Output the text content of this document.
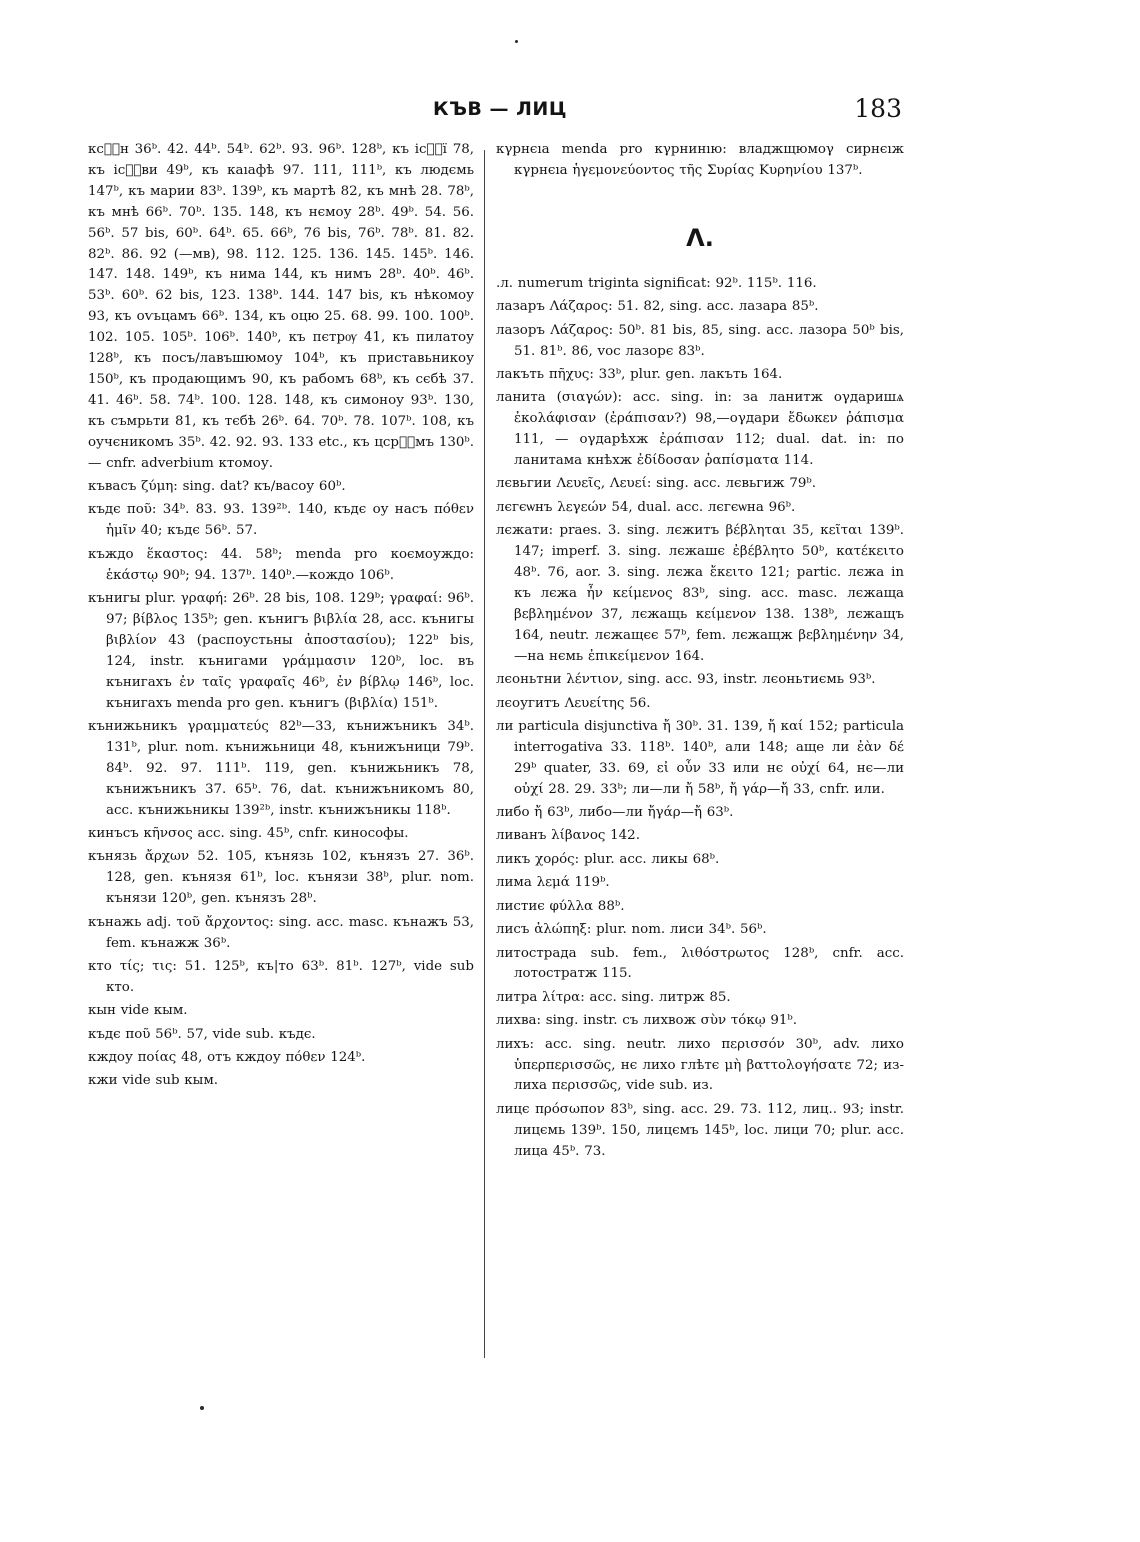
КЪВ — ЛИЦ	183

ксⷭ҇н 36ᵇ. 42. 44ᵇ. 54ᵇ. 62ᵇ. 93. 96ᵇ. 128ᵇ, къ ісⷭ҇ї 78, къ ісⷭ҇ви 49ᵇ, къ каıафѣ 97. 111, 111ᵇ, къ людємь 147ᵇ, къ марии 83ᵇ. 139ᵇ, къ мартѣ 82, къ мнѣ 28. 78ᵇ, къ мнѣ 66ᵇ. 70ᵇ. 135. 148, къ нємоу 28ᵇ. 49ᵇ. 54. 56. 56ᵇ. 57 bis, 60ᵇ. 64ᵇ. 65. 66ᵇ, 76 bis, 76ᵇ. 78ᵇ. 81. 82. 82ᵇ. 86. 92 (—мв), 98. 112. 125. 136. 145. 145ᵇ. 146. 147. 148. 149ᵇ, къ нима 144, къ нимъ 28ᵇ. 40ᵇ. 46ᵇ. 53ᵇ. 60ᵇ. 62 bis, 123. 138ᵇ. 144. 147 bis, къ нѣкомоу 93, къ оѵьцамъ 66ᵇ. 134, къ оцю 25. 68. 99. 100. 100ᵇ. 102. 105. 105ᵇ. 106ᵇ. 140ᵇ, къ пєтрѹ 41, къ пилатоу 128ᵇ, къ посъ/лавъшюмоу 104ᵇ, къ приставьникоу 150ᵇ, къ продающимъ 90, къ рабомъ 68ᵇ, къ сєбѣ 37. 41. 46ᵇ. 58. 74ᵇ. 100. 128. 148, къ симоноу 93ᵇ. 130, къ съмрьти 81, къ тєбѣ 26ᵇ. 64. 70ᵇ. 78. 107ᵇ. 108, къ оучєникомъ 35ᵇ. 42. 92. 93. 133 etc., къ цсрⷭ҇мъ 130ᵇ. — cnfr. adverbium ктомоу.

къвасъ ζύμη: sing. dat? къ/васоу 60ᵇ.

къдє ποῦ: 34ᵇ. 83. 93. 139²ᵇ. 140, къдє оу насъ πόθεν ἡμῖν 40; къдє 56ᵇ. 57.

къждо ἕκαστος: 44. 58ᵇ; menda pro коємоуждо: ἑκάστῳ 90ᵇ; 94. 137ᵇ. 140ᵇ.—кождо 106ᵇ.

кънигы plur. γραφή: 26ᵇ. 28 bis, 108. 129ᵇ; γραφαί: 96ᵇ. 97; βίβλος 135ᵇ; gen. кънигъ βιβλία 28, acc. кънигы βιβλίον 43 (распоустьны ἀποστασίου); 122ᵇ bis, 124, instr. кънигами γράμμασιν 120ᵇ, loc. въ кънигахъ ἐν ταῖς γραφαῖς 46ᵇ, ἐν βίβλῳ 146ᵇ, loc. кънигахъ menda pro gen. кънигъ (βιβλία) 151ᵇ.

кънижьникъ γραμματεύς 82ᵇ—33, кънижъникъ 34ᵇ. 131ᵇ, plur. nom. кънижьници 48, кънижъници 79ᵇ. 84ᵇ. 92. 97. 111ᵇ. 119, gen. кънижьникъ 78, кънижъникъ 37. 65ᵇ. 76, dat. кънижъникомъ 80, acc. кънижьникы 139²ᵇ, instr. кънижъникы 118ᵇ.

кинъсъ κῆνσος acc. sing. 45ᵇ, cnfr. кинософы.

кънязь ἄρχων 52. 105, кънязь 102, кънязъ 27. 36ᵇ. 128, gen. кънязя 61ᵇ, loc. кънязи 38ᵇ, plur. nom. кънязи 120ᵇ, gen. кънязъ 28ᵇ.

кънажь adj. τοῦ ἄρχοντος: sing. acc. masc. кънажъ 53, fem. кънажж 36ᵇ.

кто τίς; τις: 51. 125ᵇ, къ|то 63ᵇ. 81ᵇ. 127ᵇ, vide sub кто.

кын vide кым.

къдє ποῦ 56ᵇ. 57, vide sub. къдє.

кждоу ποίας 48, отъ кждоу πόθεν 124ᵇ.

кжи vide sub кым.

кγрнєıа menda pro кγрнинıю: владжщюмоγ сирнєıж кγрнєıа ἡγεμονεύοντος τῆς Συρίας Κυρηνίου 137ᵇ.

Λ.

.л. numerum triginta significat: 92ᵇ. 115ᵇ. 116.

лазаръ Λάζαρος: 51. 82, sing. acc. лазара 85ᵇ.

лазоръ Λάζαρος: 50ᵇ. 81 bis, 85, sing. acc. лазора 50ᵇ bis, 51. 81ᵇ. 86, voc лазорє 83ᵇ.

лакъть πῆχυς: 33ᵇ, plur. gen. лакъть 164.

ланита (σιαγών): acc. sing. in: за ланитж оγдаришѧ ἐκολάφισαν (ἐράπισαν?) 98,—оγдари ἔδωκεν ῥάπισμα 111, — оγдарѣхж ἐράπισαν 112; dual. dat. in: по ланитама кнѣхж ἐδίδοσαν ῥαπίσματα 114.

лєвьгии Λευεῖς, Λευεί: sing. acc. лєвьгиж 79ᵇ.

лєгєѡнъ λεγεών 54, dual. acc. лєгєѡна 96ᵇ.

лєжати: praes. 3. sing. лєжитъ βέβληται 35, κεῖται 139ᵇ. 147; imperf. 3. sing. лєжашє ἐβέβλητο 50ᵇ, κατέκειτο 48ᵇ. 76, aor. 3. sing. лєжа ἔκειτο 121; partic. лєжа in къ лєжа ἦν κείμενος 83ᵇ, sing. acc. masc. лєжаща βεβλημένον 37, лєжащь κείμενον 138. 138ᵇ, лєжащъ 164, neutr. лєжащєє 57ᵇ, fem. лєжащж βεβλημένην 34,—на нємь ἐπικείμενον 164.

лєоньтни λέντιον, sing. acc. 93, instr. лєоньтиємь 93ᵇ.

лєоугитъ Λευείτης 56.

ли particula disjunctiva ἤ 30ᵇ. 31. 139, ἤ καί 152; particula interrogativa 33. 118ᵇ. 140ᵇ, али 148; аще ли ἐὰν δέ 29ᵇ quater, 33. 69, εἰ οὖν 33 или нє οὐχί 64, нє—ли οὐχί 28. 29. 33ᵇ; ли—ли ἤ 58ᵇ, ἤ γάρ—ἤ 33, cnfr. или.

либо ἤ 63ᵇ, либо—ли ἤγάρ—ἤ 63ᵇ.

ливанъ λίβανος 142.

ликъ χορός: plur. acc. ликы 68ᵇ.

лима λεμά 119ᵇ.

листиє φύλλα 88ᵇ.

лисъ ἀλώπηξ: plur. nom. лиси 34ᵇ. 56ᵇ.

литострада sub. fem., λιθόστρωτος 128ᵇ, cnfr. acc. лотостратж 115.

литра λίτρα: acc. sing. литрж 85.

лихва: sing. instr. съ лихвож σὺν τόκῳ 91ᵇ.

лихъ: acc. sing. neutr. лихо περισσόν 30ᵇ, adv. лихо ὑπερπερισσῶς, нє лихо глѣтє μὴ βαττολογήσατε 72; из-лиха περισσῶς, vide sub. из.

лицє πρόσωπον 83ᵇ, sing. acc. 29. 73. 112, лиц.. 93; instr. лицємь 139ᵇ. 150, лицємъ 145ᵇ, loc. лици 70; plur. acc. лица 45ᵇ. 73.
